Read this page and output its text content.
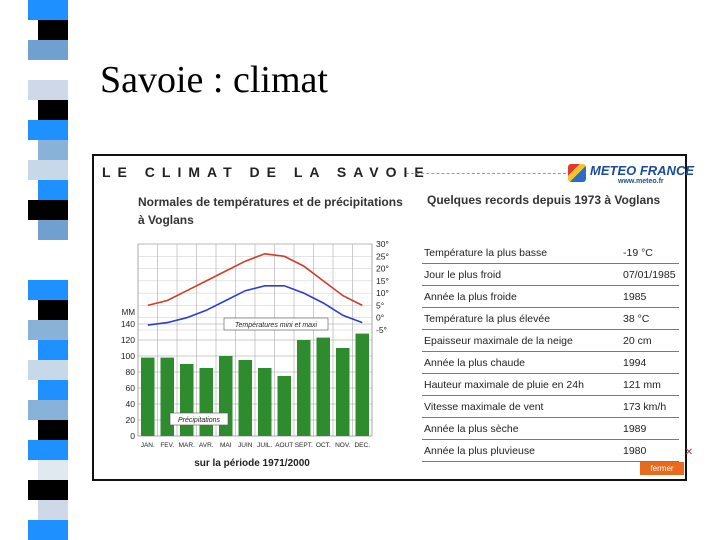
Savoie : climat
LE CLIMAT DE LA SAVOIE	METEO FRANCE
www.meteo.fr
Normales de températures et de précipitations à Voglans
Quelques records depuis 1973 à Voglans
0
20
40
60
80
100
120
140
MM
-5°
0°
5°
10°
15°
20°
25°
30°
JAN. FEV. MAR. AVR. MAI JUIN JUIL. AOUT SEPT. OCT. NOV. DEC.
Températures mini et maxi
Précipitations
sur la période 1971/2000
Température la plus basse	-19 °C
Jour le plus froid	07/01/1985
Année la plus froide	1985
Température la plus élevée	38 °C
Epaisseur maximale de la neige	20 cm
Année la plus chaude	1994
Hauteur maximale de pluie en 24h	121 mm
Vitesse maximale de vent	173 km/h
Année la plus sèche	1989
Année la plus pluvieuse	1980	✕
fermer
